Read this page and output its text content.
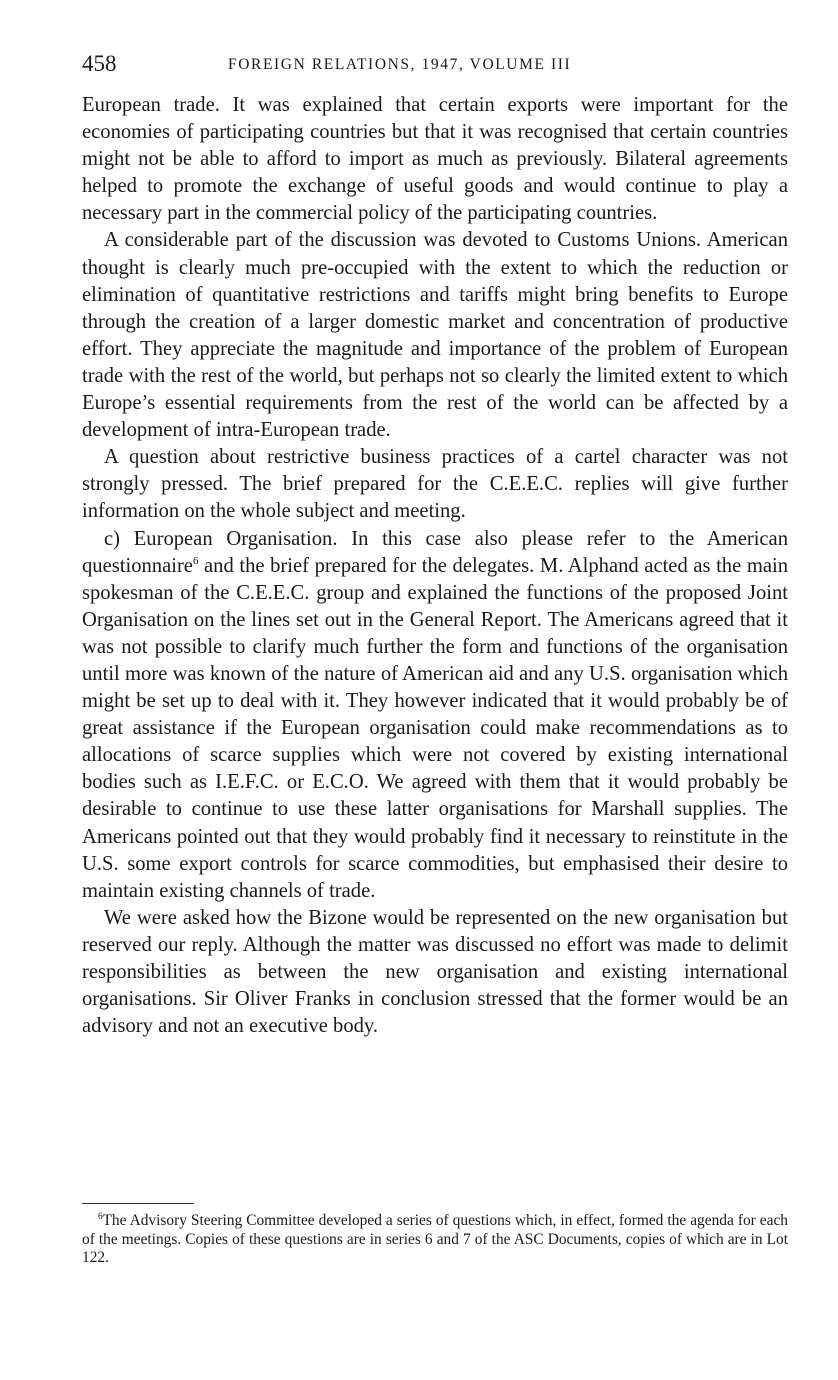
458	FOREIGN RELATIONS, 1947, VOLUME III

European trade. It was explained that certain exports were important for the economies of participating countries but that it was recognised that certain countries might not be able to afford to import as much as previously. Bilateral agreements helped to promote the exchange of useful goods and would continue to play a necessary part in the commercial policy of the participating countries.

A considerable part of the discussion was devoted to Customs Unions. American thought is clearly much pre-occupied with the extent to which the reduction or elimination of quantitative restrictions and tariffs might bring benefits to Europe through the creation of a larger domestic market and concentration of productive effort. They appreciate the magnitude and importance of the problem of European trade with the rest of the world, but perhaps not so clearly the limited extent to which Europe’s essential requirements from the rest of the world can be affected by a development of intra-European trade.

A question about restrictive business practices of a cartel character was not strongly pressed. The brief prepared for the C.E.E.C. replies will give further information on the whole subject and meeting.

c) European Organisation. In this case also please refer to the American questionnaire$^6$ and the brief prepared for the delegates. M. Alphand acted as the main spokesman of the C.E.E.C. group and explained the functions of the proposed Joint Organisation on the lines set out in the General Report. The Americans agreed that it was not possible to clarify much further the form and functions of the organisation until more was known of the nature of American aid and any U.S. organisation which might be set up to deal with it. They however indicated that it would probably be of great assistance if the European organisation could make recommendations as to allocations of scarce supplies which were not covered by existing international bodies such as I.E.F.C. or E.C.O. We agreed with them that it would probably be desirable to continue to use these latter organisations for Marshall supplies. The Americans pointed out that they would probably find it necessary to reinstitute in the U.S. some export controls for scarce commodities, but emphasised their desire to maintain existing channels of trade.

We were asked how the Bizone would be represented on the new organisation but reserved our reply. Although the matter was discussed no effort was made to delimit responsibilities as between the new organisation and existing international organisations. Sir Oliver Franks in conclusion stressed that the former would be an advisory and not an executive body.

$^6$The Advisory Steering Committee developed a series of questions which, in effect, formed the agenda for each of the meetings. Copies of these questions are in series 6 and 7 of the ASC Documents, copies of which are in Lot 122.
